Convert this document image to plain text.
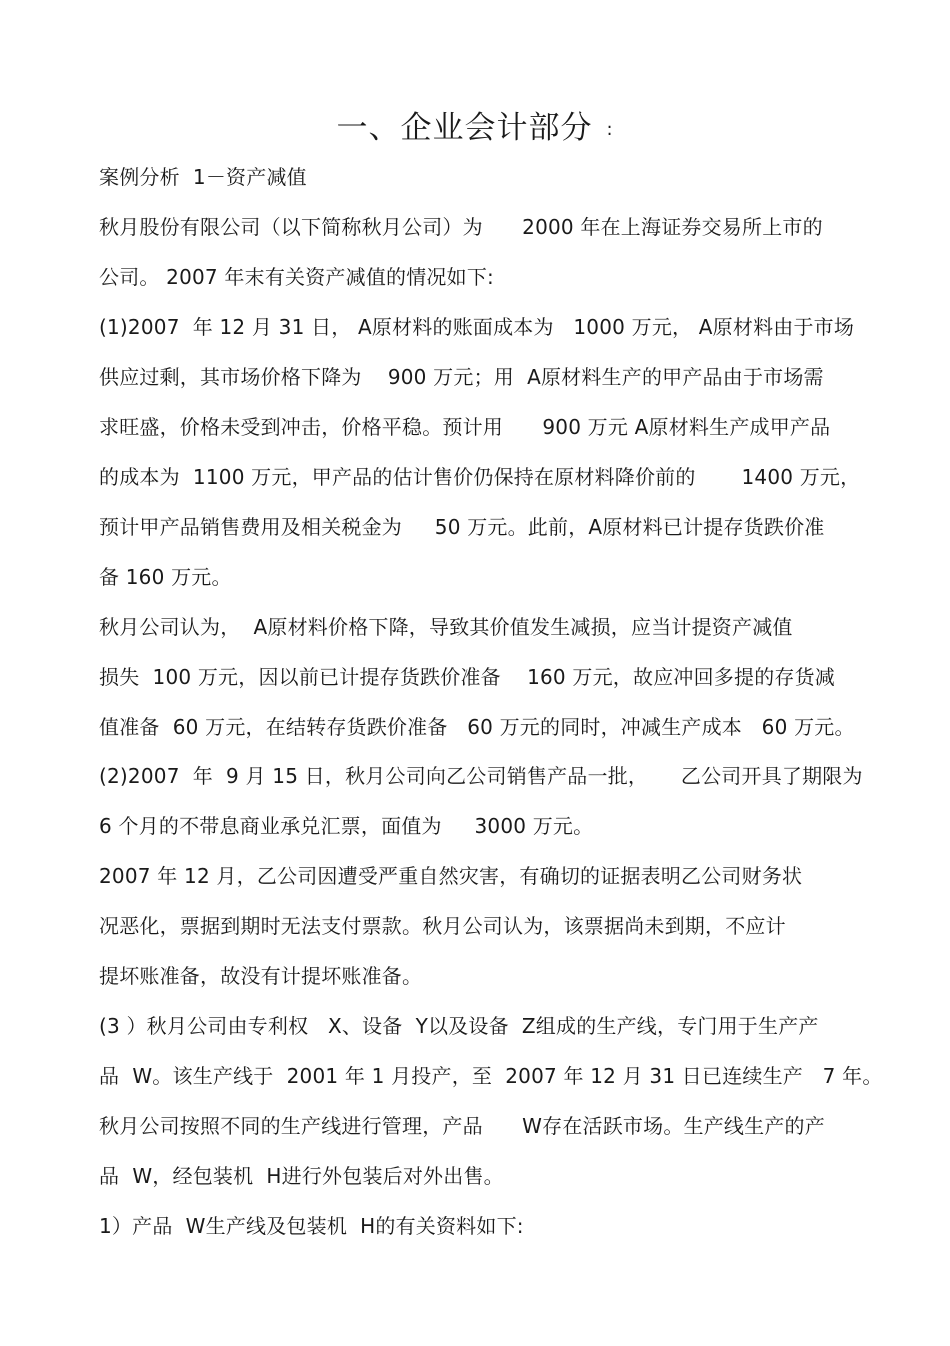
一、企业会计部分 :
案例分析  1－资产减值
秋月股份有限公司（以下简称秋月公司）为      2000 年在上海证券交易所上市的
公司。 2007 年末有关资产减值的情况如下:
(1)2007  年 12 月 31 日， A原材料的账面成本为   1000 万元， A原材料由于市场
供应过剩，其市场价格下降为    900 万元；用  A原材料生产的甲产品由于市场需
求旺盛，价格未受到冲击，价格平稳。预计用      900 万元 A原材料生产成甲产品
的成本为  1100 万元，甲产品的估计售价仍保持在原材料降价前的       1400 万元，
预计甲产品销售费用及相关税金为     50 万元。此前，A原材料已计提存货跌价准
备 160 万元。
秋月公司认为，  A原材料价格下降，导致其价值发生减损，应当计提资产减值
损失  100 万元，因以前已计提存货跌价准备    160 万元，故应冲回多提的存货减
值准备  60 万元，在结转存货跌价准备   60 万元的同时，冲减生产成本   60 万元。
(2)2007  年  9 月 15 日，秋月公司向乙公司销售产品一批，     乙公司开具了期限为
6 个月的不带息商业承兑汇票，面值为     3000 万元。
2007 年 12 月，乙公司因遭受严重自然灾害，有确切的证据表明乙公司财务状
况恶化，票据到期时无法支付票款。秋月公司认为，该票据尚未到期，不应计
提坏账准备，故没有计提坏账准备。
(3 ）秋月公司由专利权   X、设备  Y以及设备  Z组成的生产线，专门用于生产产
品  W。该生产线于  2001 年 1 月投产，至  2007 年 12 月 31 日已连续生产   7 年。
秋月公司按照不同的生产线进行管理，产品      W存在活跃市场。生产线生产的产
品  W，经包装机  H进行外包装后对外出售。
1）产品  W生产线及包装机  H的有关资料如下:
